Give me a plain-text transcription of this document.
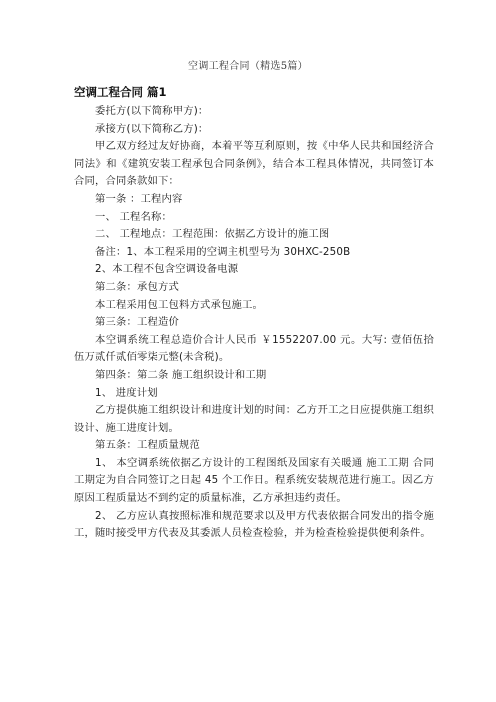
空调工程合同（精选5篇）

空调工程合同 篇1

委托方(以下简称甲方)：

承接方(以下简称乙方)：

甲乙双方经过友好协商，本着平等互利原则，按《中华人民共和国经济合同法》和《建筑安装工程承包合同条例》，结合本工程具体情况，共同签订本合同，合同条款如下：

第一条 ：工程内容

一、 工程名称：

二、 工程地点：工程范围：依据乙方设计的施工图

备注：1、本工程采用的空调主机型号为 30HXC-250B

2、本工程不包含空调设备电源

第二条：承包方式

本工程采用包工包料方式承包施工。

第三条：工程造价

本空调系统工程总造价合计人民币 ￥1552207.00 元。大写: 壹佰伍拾伍万贰仟贰佰零柒元整(未含税)。

第四条：第二条 施工组织设计和工期

1、 进度计划

乙方提供施工组织设计和进度计划的时间：乙方开工之日应提供施工组织设计、施工进度计划。

第五条：工程质量规范

1、 本空调系统依据乙方设计的工程图纸及国家有关暖通 施工工期 合同工期定为自合同签订之日起 45 个工作日。程系统安装规范进行施工。因乙方原因工程质量达不到约定的质量标准，乙方承担违约责任。

2、 乙方应认真按照标准和规范要求以及甲方代表依据合同发出的指令施工，随时接受甲方代表及其委派人员检查检验，并为检查检验提供便利条件。
